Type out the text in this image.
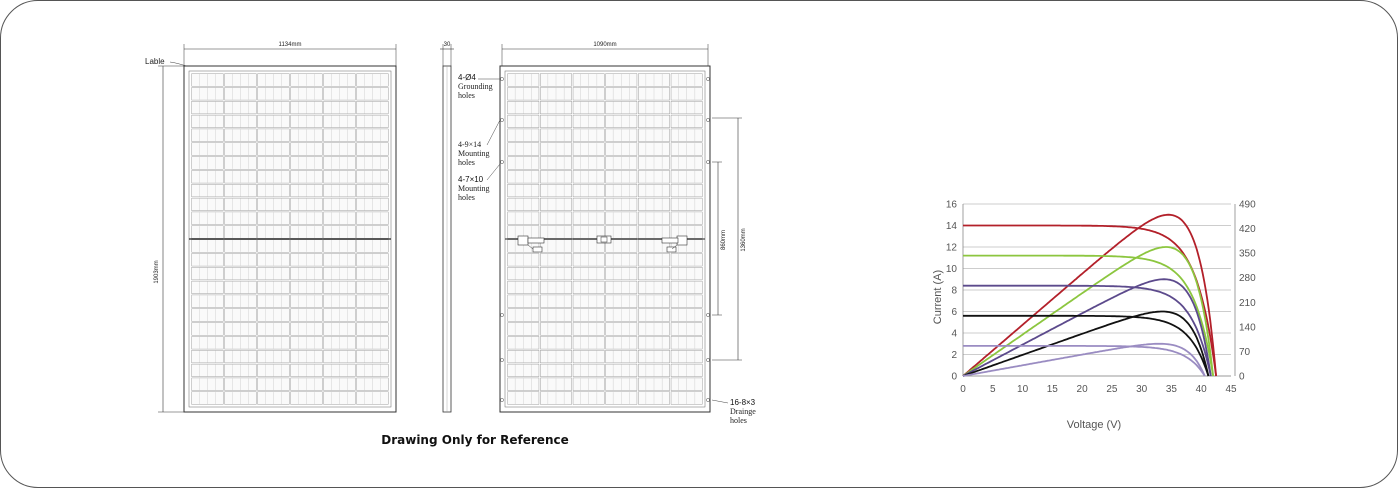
1134mm
1903mm
Lable
30	1090mm
860mm 1360mm
4-Ø4
Grounding
holes
4-9×14
Mounting
holes
4-7×10
Mounting
holes
16-8×3
Drainge
holes
Drawing Only for Reference
0
2
4
6
8
10
12
14
16
0 5 10 15 20 25 30 35 40 45
0
70
140
210
280
350
420
490
Voltage (V)
Current (A)
